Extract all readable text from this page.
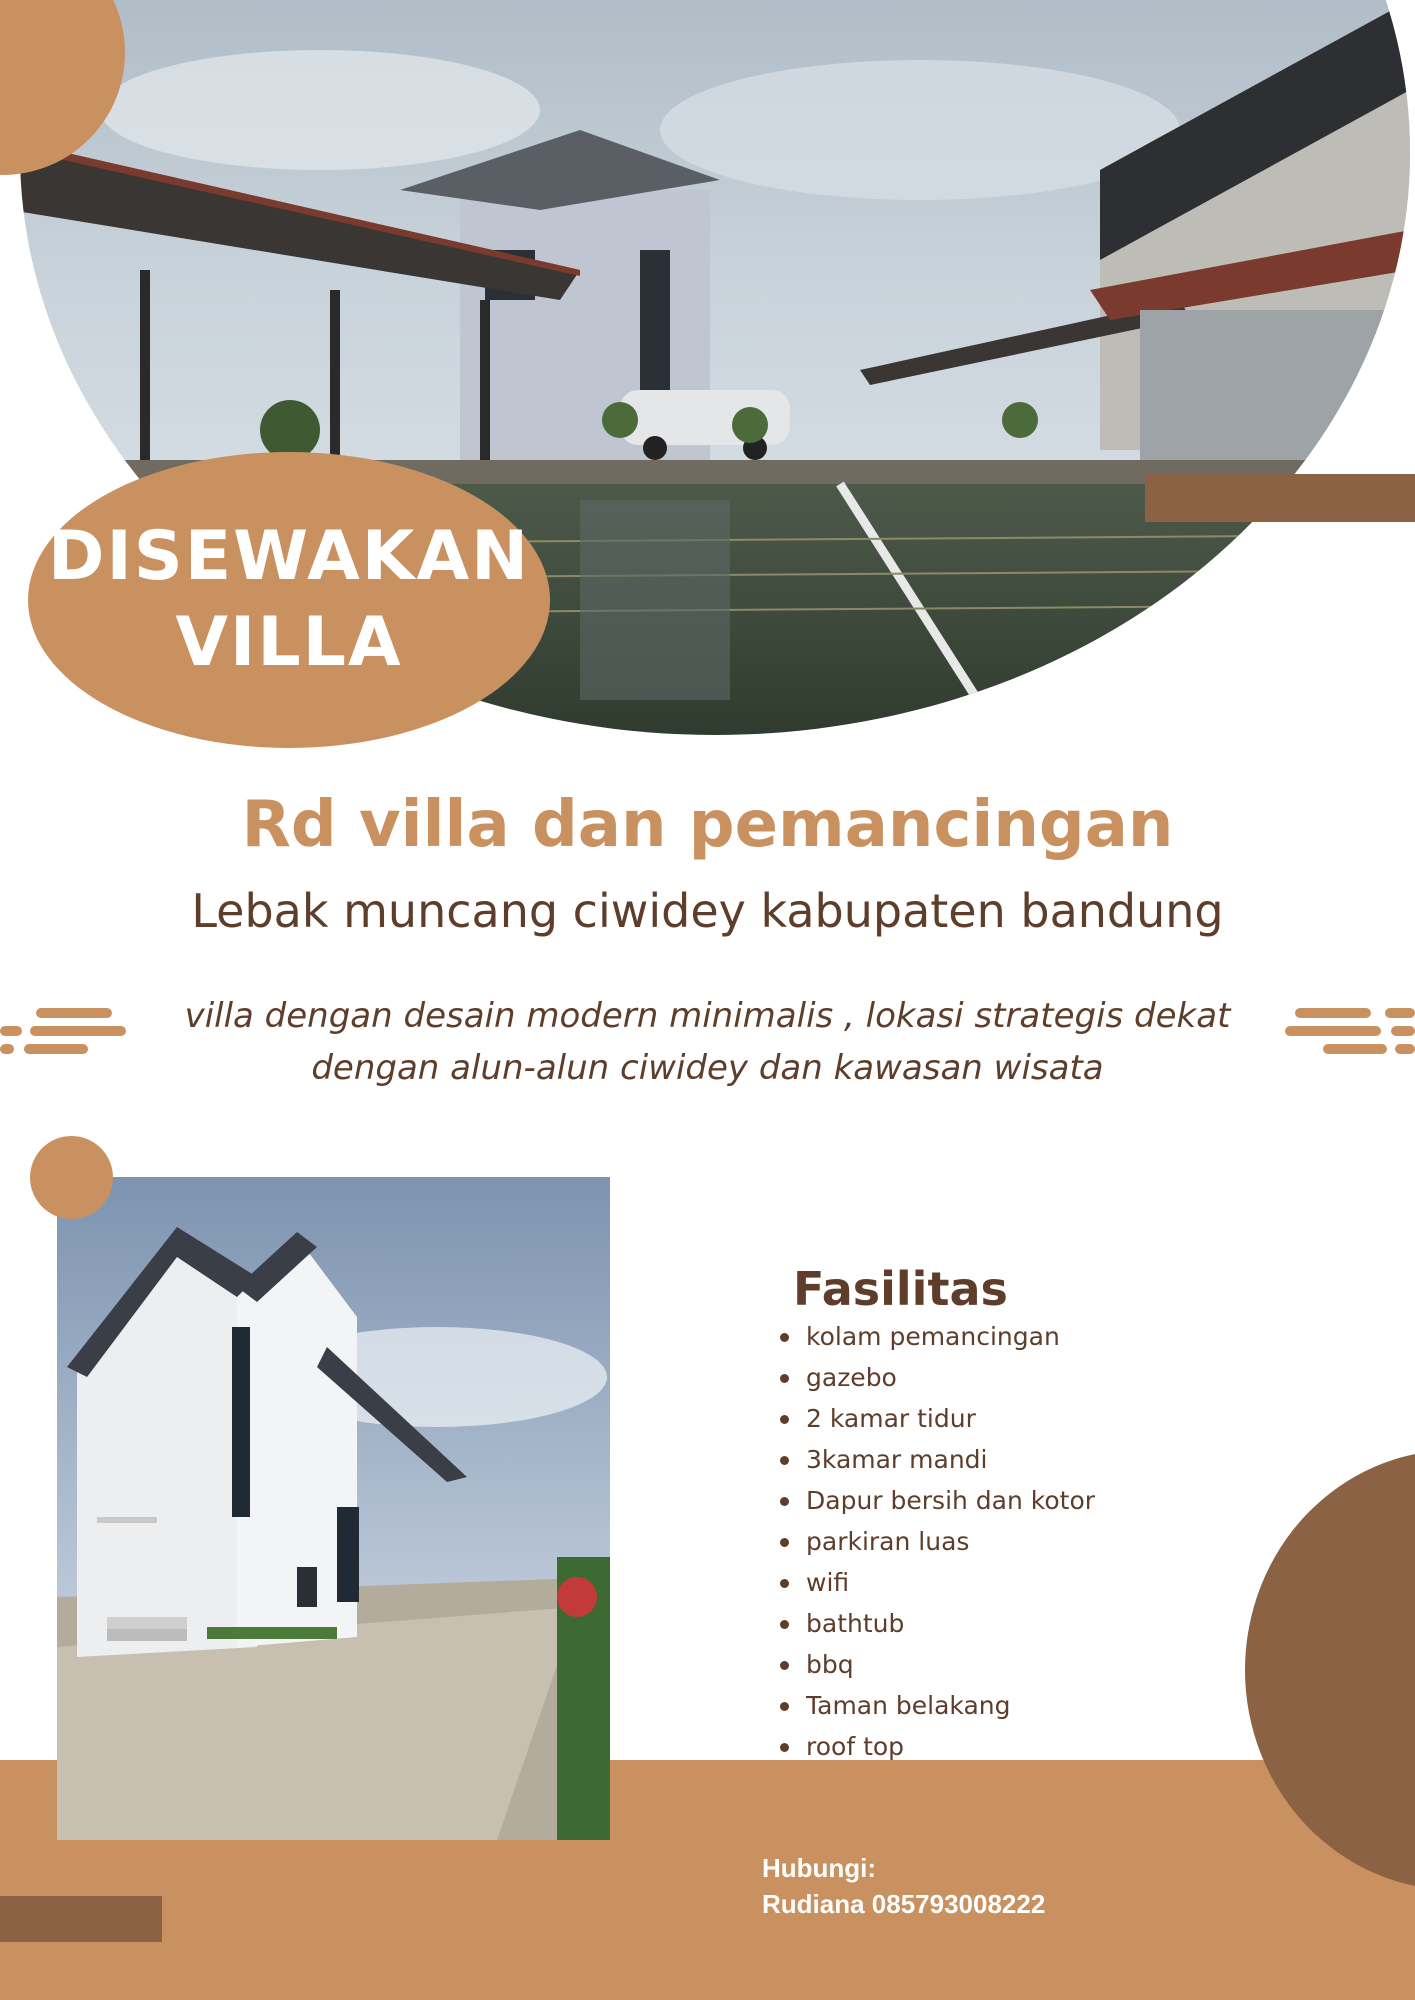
DISEWAKAN
VILLA
Rd villa dan pemancingan
Lebak muncang ciwidey kabupaten bandung
villa dengan desain modern minimalis , lokasi strategis dekat dengan alun-alun ciwidey dan kawasan wisata
Fasilitas
kolam pemancingan
gazebo
2 kamar tidur
3kamar mandi
Dapur bersih dan kotor
parkiran luas
wifi
bathtub
bbq
Taman belakang
roof top
Hubungi:
Rudiana 085793008222
